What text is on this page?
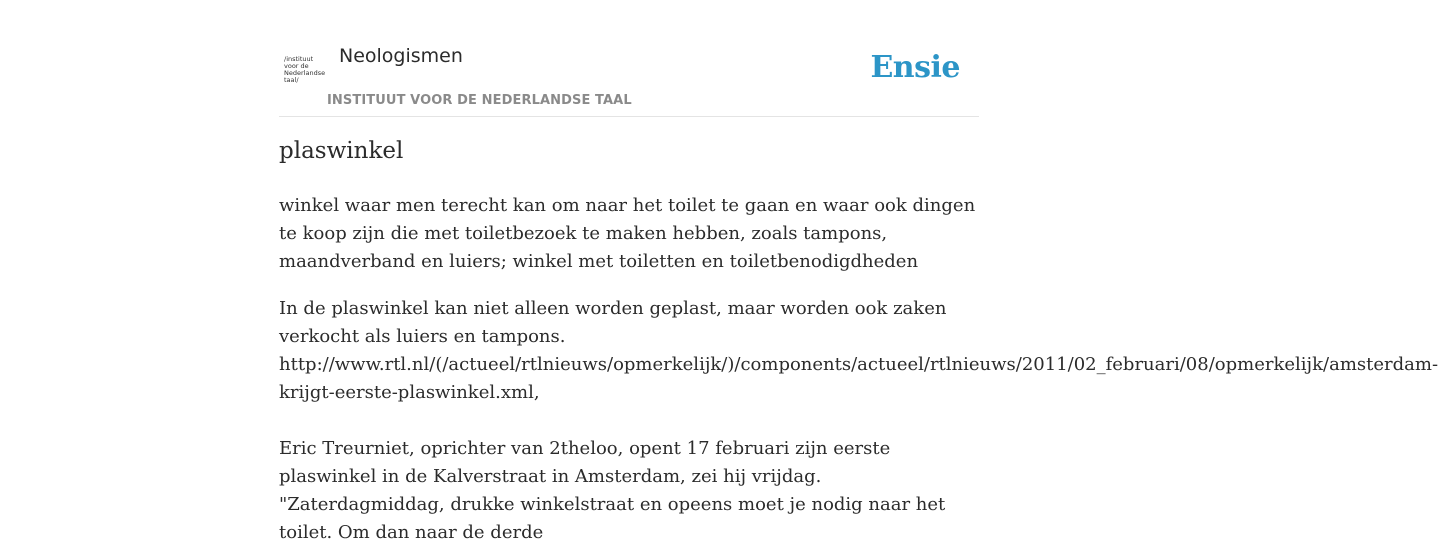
/instituut
voor de
Nederlandse
taal/
Neologismen
INSTITUUT VOOR DE NEDERLANDSE TAAL
Ensie
plaswinkel

winkel waar men terecht kan om naar het toilet te gaan en waar ook dingen te koop zijn die met toiletbezoek te maken hebben, zoals tampons, maandverband en luiers; winkel met toiletten en toiletbenodigdheden

In de plaswinkel kan niet alleen worden geplast, maar worden ook zaken verkocht als luiers en tampons.
http://www.rtl.nl/(/actueel/rtlnieuws/opmerkelijk/)/components/actueel/rtlnieuws/2011/02_februari/08/opmerkelijk/amsterdam-
krijgt-eerste-plaswinkel.xml,

Eric Treurniet, oprichter van 2theloo, opent 17 februari zijn eerste plaswinkel in de Kalverstraat in Amsterdam, zei hij vrijdag. "Zaterdagmiddag, drukke winkelstraat en opeens moet je nodig naar het toilet. Om dan naar de derde
